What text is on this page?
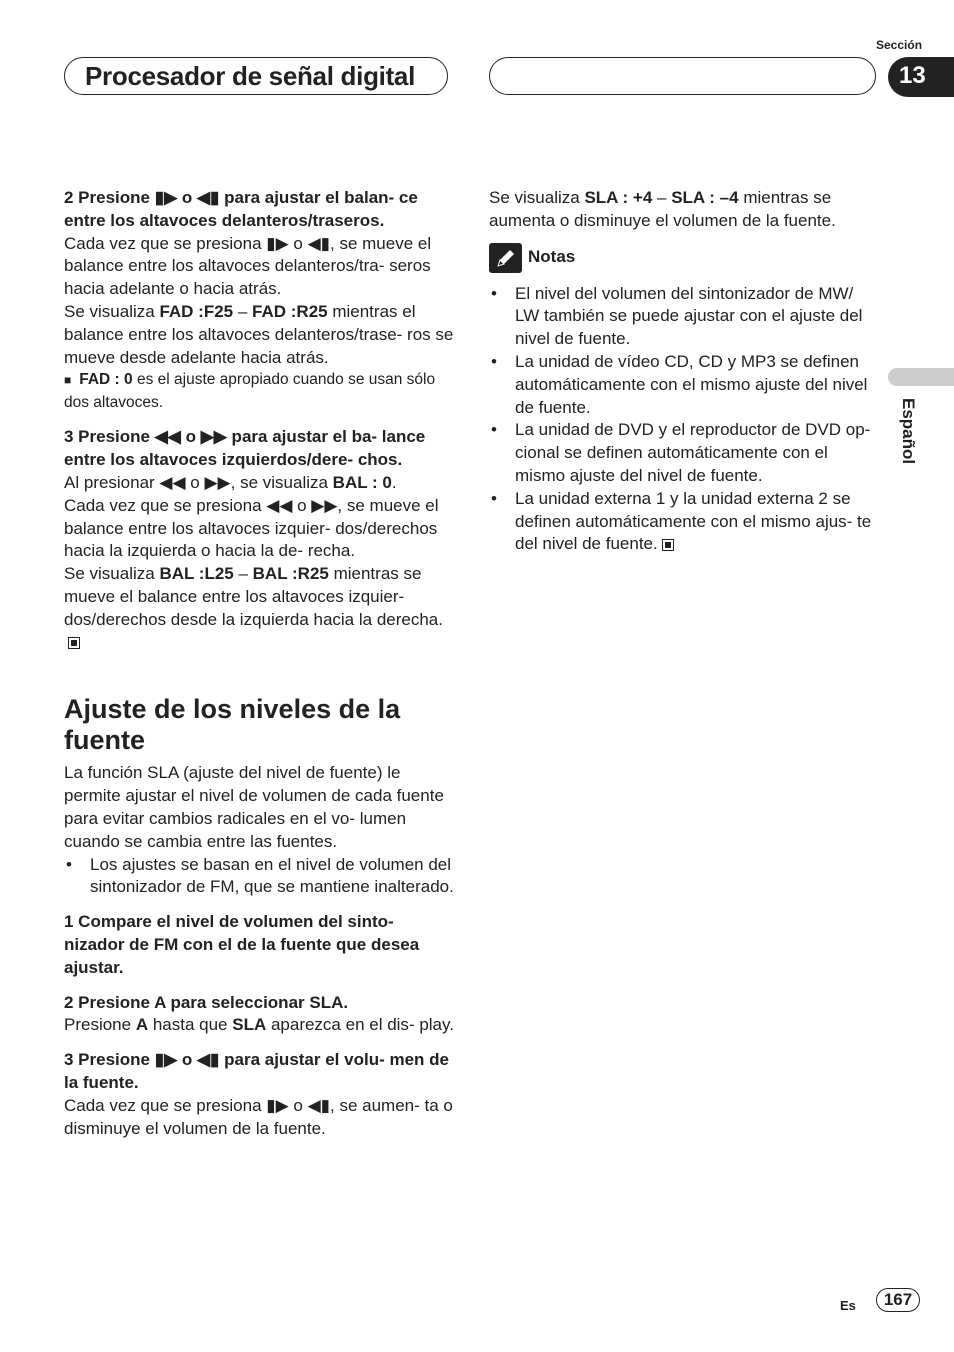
Procesador de señal digital
Sección
13
Español

2 Presione ▮▶ o ◀▮ para ajustar el balan- ce entre los altavoces delanteros/traseros.

Cada vez que se presiona ▮▶ o ◀▮, se mueve el balance entre los altavoces delanteros/tra- seros hacia adelante o hacia atrás.

Se visualiza FAD :F25 – FAD :R25 mientras el balance entre los altavoces delanteros/trase- ros se mueve desde adelante hacia atrás.

■ FAD : 0 es el ajuste apropiado cuando se usan sólo dos altavoces.

3 Presione ◀◀ o ▶▶ para ajustar el ba- lance entre los altavoces izquierdos/dere- chos.

Al presionar ◀◀ o ▶▶, se visualiza BAL : 0.

Cada vez que se presiona ◀◀ o ▶▶, se mueve el balance entre los altavoces izquier- dos/derechos hacia la izquierda o hacia la de- recha.

Se visualiza BAL :L25 – BAL :R25 mientras se mueve el balance entre los altavoces izquier- dos/derechos desde la izquierda hacia la derecha.

Ajuste de los niveles de la fuente

La función SLA (ajuste del nivel de fuente) le permite ajustar el nivel de volumen de cada fuente para evitar cambios radicales en el vo- lumen cuando se cambia entre las fuentes.

• Los ajustes se basan en el nivel de volumen del sintonizador de FM, que se mantiene inalterado.

1 Compare el nivel de volumen del sinto- nizador de FM con el de la fuente que desea ajustar.

2 Presione A para seleccionar SLA.

Presione A hasta que SLA aparezca en el dis- play.

3 Presione ▮▶ o ◀▮ para ajustar el volu- men de la fuente.

Cada vez que se presiona ▮▶ o ◀▮, se aumen- ta o disminuye el volumen de la fuente.

Se visualiza SLA : +4 – SLA : –4 mientras se aumenta o disminuye el volumen de la fuente.

Notas
• El nivel del volumen del sintonizador de MW/ LW también se puede ajustar con el ajuste del nivel de fuente.
• La unidad de vídeo CD, CD y MP3 se definen automáticamente con el mismo ajuste del nivel de fuente.
• La unidad de DVD y el reproductor de DVD op- cional se definen automáticamente con el mismo ajuste del nivel de fuente.
• La unidad externa 1 y la unidad externa 2 se definen automáticamente con el mismo ajus- te del nivel de fuente.
Es	167
